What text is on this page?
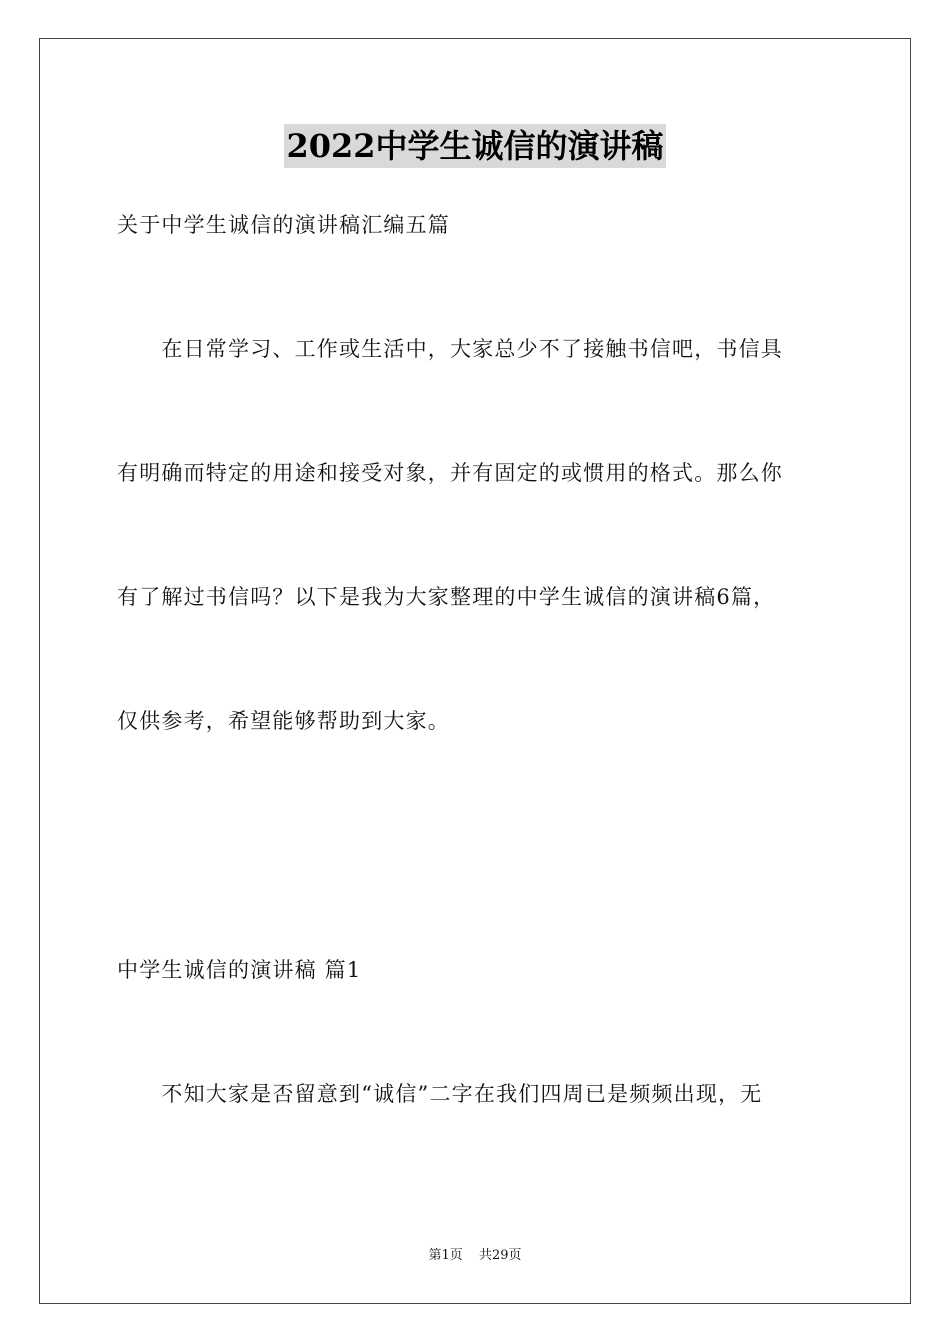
2022中学生诚信的演讲稿
关于中学生诚信的演讲稿汇编五篇
　　在日常学习、工作或生活中，大家总少不了接触书信吧，书信具
有明确而特定的用途和接受对象，并有固定的或惯用的格式。那么你
有了解过书信吗？以下是我为大家整理的中学生诚信的演讲稿6篇，
仅供参考，希望能够帮助到大家。
中学生诚信的演讲稿 篇1
　　不知大家是否留意到“诚信”二字在我们四周已是频频出现，无
第1页 共29页
